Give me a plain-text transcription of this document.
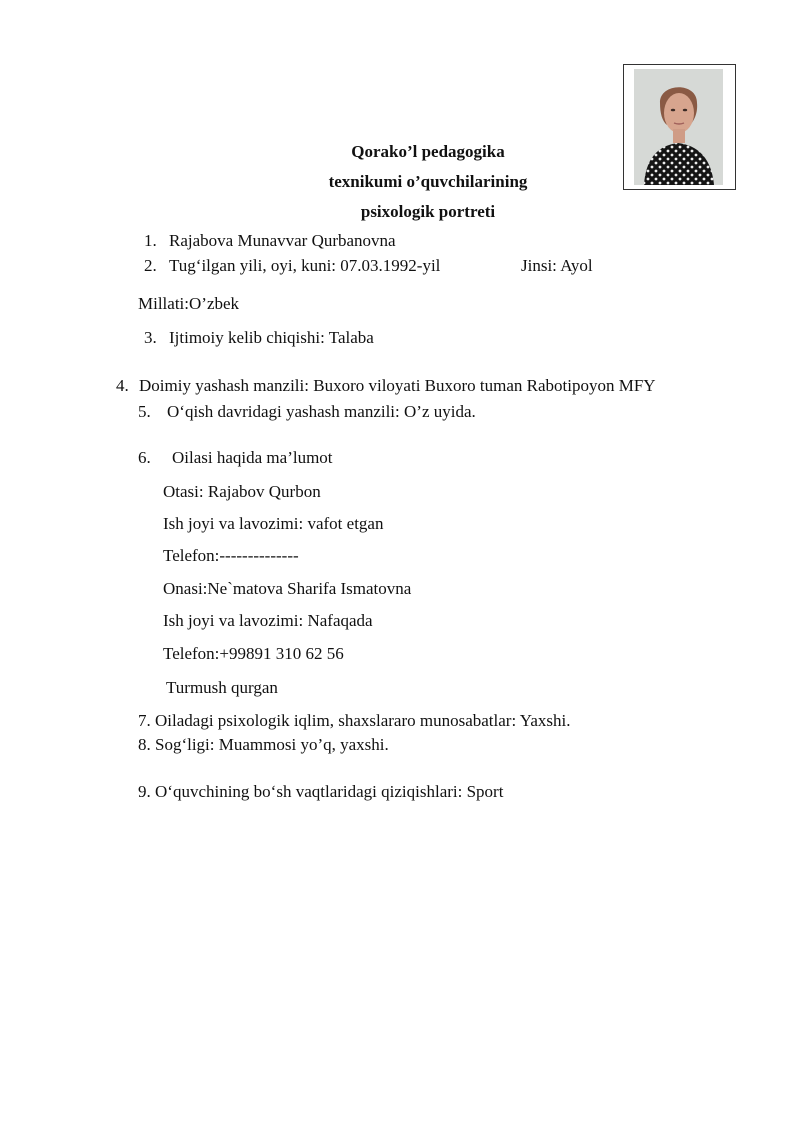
Qorako’l pedagogika
texnikumi o’quvchilarining
psixologik portreti
1. Rajabova Munavvar Qurbanovna
2. Tug‘ilgan yili, oyi, kuni: 07.03.1992-yil	Jinsi: Ayol
Millati:O’zbek
3. Ijtimoiy kelib chiqishi: Talaba
4. Doimiy yashash manzili: Buxoro viloyati Buxoro tuman Rabotipoyon MFY
5. O‘qish davridagi yashash manzili: O’z uyida.
6. Oilasi haqida ma’lumot
Otasi: Rajabov Qurbon
Ish joyi va lavozimi: vafot etgan
Telefon:--------------
Onasi:Ne`matova Sharifa Ismatovna
Ish joyi va lavozimi: Nafaqada
Telefon:+99891 310 62 56
Turmush qurgan
7. Oiladagi psixologik iqlim, shaxslararo munosabatlar: Yaxshi.
8. Sog‘ligi: Muammosi yo’q, yaxshi.
9. O‘quvchining bo‘sh vaqtlaridagi qiziqishlari: Sport
